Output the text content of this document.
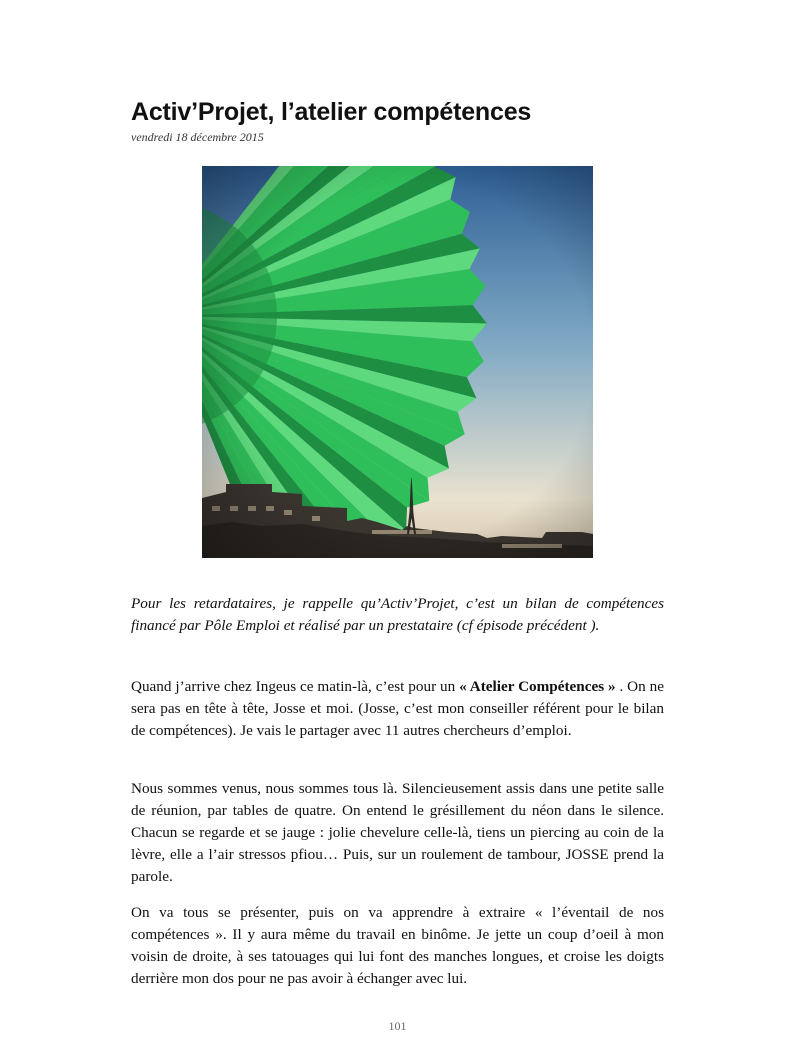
Activ’Projet, l’atelier compétences
vendredi 18 décembre 2015

Pour les retardataires, je rappelle qu’Activ’Projet, c’est un bilan de compétences financé par Pôle Emploi et réalisé par un prestataire (cf épisode précédent ).

Quand j’arrive chez Ingeus ce matin-là, c’est pour un « Atelier Compétences » . On ne sera pas en tête à tête, Josse et moi. (Josse, c’est mon conseiller référent pour le bilan de compétences). Je vais le partager avec 11 autres chercheurs d’emploi.

Nous sommes venus, nous sommes tous là. Silencieusement assis dans une petite salle de réunion, par tables de quatre. On entend le grésillement du néon dans le silence. Chacun se regarde et se jauge : jolie chevelure celle-là, tiens un piercing au coin de la lèvre, elle a l’air stressos pfiou… Puis, sur un roulement de tambour, JOSSE prend la parole.

On va tous se présenter, puis on va apprendre à extraire « l’éventail de nos compétences ». Il y aura même du travail en binôme. Je jette un coup d’oeil à mon voisin de droite, à ses tatouages qui lui font des manches longues, et croise les doigts derrière mon dos pour ne pas avoir à échanger avec lui.

101
